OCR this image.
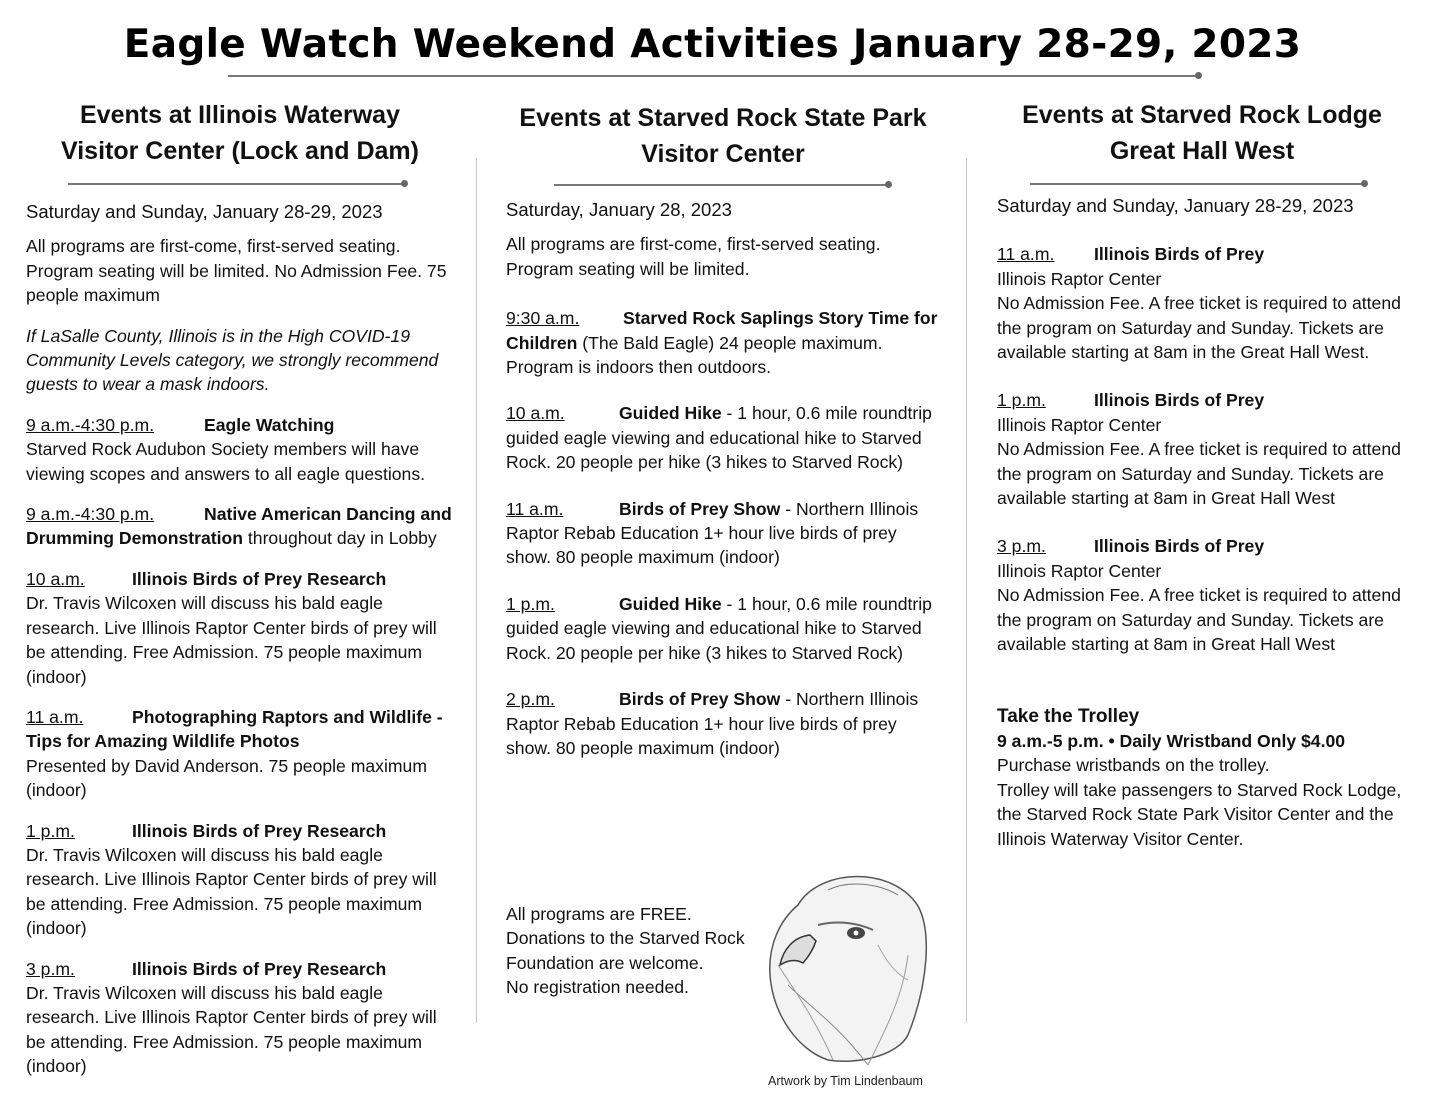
Eagle Watch Weekend Activities January 28-29, 2023
Events at Illinois Waterway
Visitor Center (Lock and Dam)
Saturday and Sunday, January 28-29, 2023

All programs are first-come, first-served seating. Program seating will be limited. No Admission Fee. 75 people maximum

If LaSalle County, Illinois is in the High COVID-19 Community Levels category, we strongly recommend guests to wear a mask indoors.

9 a.m.-4:30 p.m.	Eagle Watching
Starved Rock Audubon Society members will have viewing scopes and answers to all eagle questions.

9 a.m.-4:30 p.m.	Native American Dancing and Drumming Demonstration throughout day in Lobby

10 a.m.	Illinois Birds of Prey Research
Dr. Travis Wilcoxen will discuss his bald eagle research. Live Illinois Raptor Center birds of prey will be attending. Free Admission. 75 people maximum (indoor)

11 a.m.	Photographing Raptors and Wildlife - Tips for Amazing Wildlife Photos
Presented by David Anderson. 75 people maximum (indoor)

1 p.m.	Illinois Birds of Prey Research
Dr. Travis Wilcoxen will discuss his bald eagle research. Live Illinois Raptor Center birds of prey will be attending. Free Admission. 75 people maximum (indoor)

3 p.m.	Illinois Birds of Prey Research
Dr. Travis Wilcoxen will discuss his bald eagle research. Live Illinois Raptor Center birds of prey will be attending. Free Admission. 75 people maximum (indoor)

Events at Starved Rock State Park
Visitor Center
Saturday, January 28, 2023

All programs are first-come, first-served seating. Program seating will be limited.

9:30 a.m. Starved Rock Saplings Story Time for Children (The Bald Eagle) 24 people maximum. Program is indoors then outdoors.

10 a.m.	Guided Hike - 1 hour, 0.6 mile roundtrip guided eagle viewing and educational hike to Starved Rock. 20 people per hike (3 hikes to Starved Rock)

11 a.m.	Birds of Prey Show - Northern Illinois Raptor Rebab Education 1+ hour live birds of prey show. 80 people maximum (indoor)

1 p.m.	Guided Hike - 1 hour, 0.6 mile roundtrip guided eagle viewing and educational hike to Starved Rock. 20 people per hike (3 hikes to Starved Rock)

2 p.m.	Birds of Prey Show - Northern Illinois Raptor Rebab Education 1+ hour live birds of prey show. 80 people maximum (indoor)

All programs are FREE.
Donations to the Starved Rock
Foundation are welcome.
No registration needed.
Artwork by Tim Lindenbaum
Events at Starved Rock Lodge
Great Hall West
Saturday and Sunday, January 28-29, 2023

11 a.m. Illinois Birds of Prey
Illinois Raptor Center
No Admission Fee. A free ticket is required to attend the program on Saturday and Sunday. Tickets are available starting at 8am in the Great Hall West.

1 p.m.	Illinois Birds of Prey
Illinois Raptor Center
No Admission Fee. A free ticket is required to attend the program on Saturday and Sunday. Tickets are available starting at 8am in Great Hall West

3 p.m.	Illinois Birds of Prey
Illinois Raptor Center
No Admission Fee. A free ticket is required to attend the program on Saturday and Sunday. Tickets are available starting at 8am in Great Hall West

Take the Trolley
9 a.m.-5 p.m. • Daily Wristband Only $4.00
Purchase wristbands on the trolley.
Trolley will take passengers to Starved Rock Lodge, the Starved Rock State Park Visitor Center and the Illinois Waterway Visitor Center.
